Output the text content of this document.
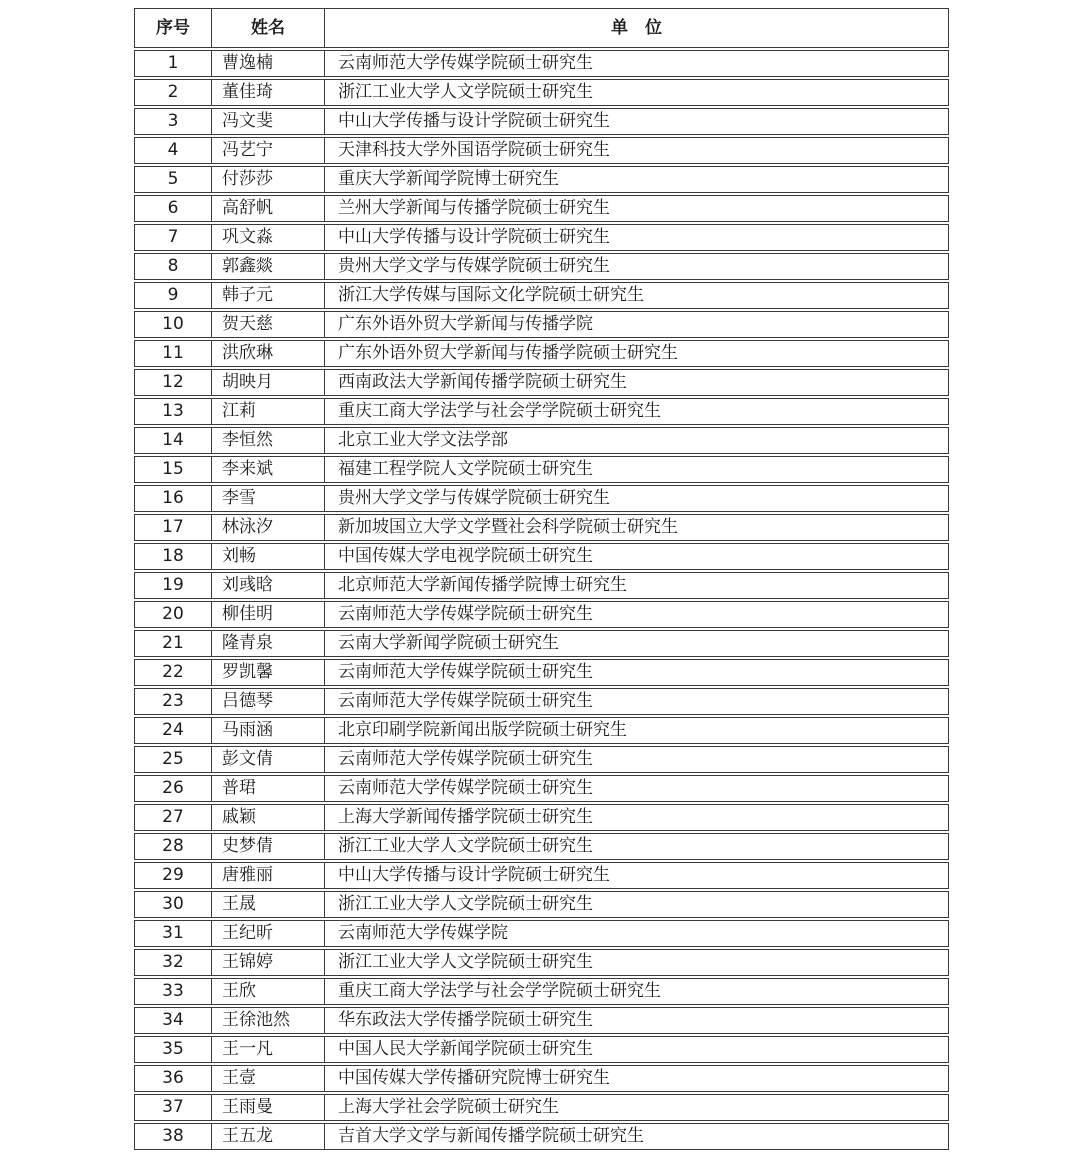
序号	姓名	单　位
1	曹逸楠	云南师范大学传媒学院硕士研究生
2	董佳琦	浙江工业大学人文学院硕士研究生
3	冯文斐	中山大学传播与设计学院硕士研究生
4	冯艺宁	天津科技大学外国语学院硕士研究生
5	付莎莎	重庆大学新闻学院博士研究生
6	高舒帆	兰州大学新闻与传播学院硕士研究生
7	巩文淼	中山大学传播与设计学院硕士研究生
8	郭鑫燚	贵州大学文学与传媒学院硕士研究生
9	韩子元	浙江大学传媒与国际文化学院硕士研究生
10	贺天慈	广东外语外贸大学新闻与传播学院
11	洪欣琳	广东外语外贸大学新闻与传播学院硕士研究生
12	胡映月	西南政法大学新闻传播学院硕士研究生
13	江莉	重庆工商大学法学与社会学学院硕士研究生
14	李恒然	北京工业大学文法学部
15	李来斌	福建工程学院人文学院硕士研究生
16	李雪	贵州大学文学与传媒学院硕士研究生
17	林泳汐	新加坡国立大学文学暨社会科学院硕士研究生
18	刘畅	中国传媒大学电视学院硕士研究生
19	刘彧晗	北京师范大学新闻传播学院博士研究生
20	柳佳明	云南师范大学传媒学院硕士研究生
21	隆青泉	云南大学新闻学院硕士研究生
22	罗凯馨	云南师范大学传媒学院硕士研究生
23	吕德琴	云南师范大学传媒学院硕士研究生
24	马雨涵	北京印刷学院新闻出版学院硕士研究生
25	彭文倩	云南师范大学传媒学院硕士研究生
26	普珺	云南师范大学传媒学院硕士研究生
27	戚颖	上海大学新闻传播学院硕士研究生
28	史梦倩	浙江工业大学人文学院硕士研究生
29	唐雅丽	中山大学传播与设计学院硕士研究生
30	王晟	浙江工业大学人文学院硕士研究生
31	王纪昕	云南师范大学传媒学院
32	王锦婷	浙江工业大学人文学院硕士研究生
33	王欣	重庆工商大学法学与社会学学院硕士研究生
34	王徐池然	华东政法大学传播学院硕士研究生
35	王一凡	中国人民大学新闻学院硕士研究生
36	王壹	中国传媒大学传播研究院博士研究生
37	王雨曼	上海大学社会学院硕士研究生
38	王五龙	吉首大学文学与新闻传播学院硕士研究生
